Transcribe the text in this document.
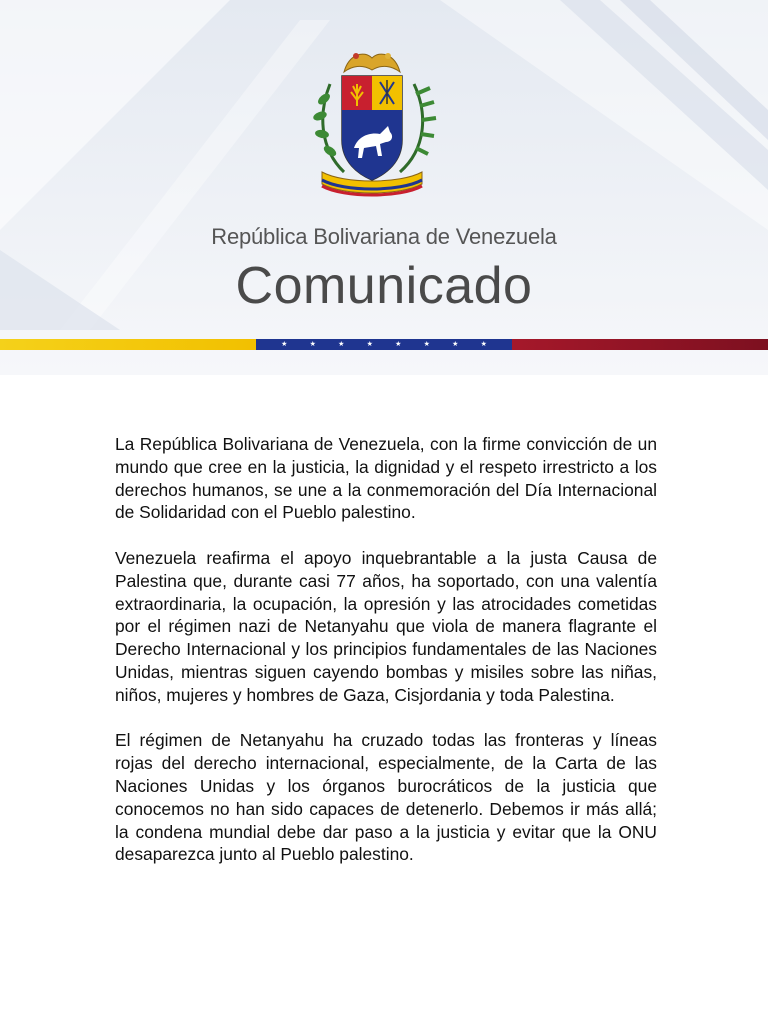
República Bolivariana de Venezuela
Comunicado
★	★	★	★	★	★	★	★

La República Bolivariana de Venezuela, con la firme convicción de un mundo que cree en la justicia, la dignidad y el respeto irrestricto a los derechos humanos, se une a la conmemoración del Día Internacional de Solidaridad con el Pueblo palestino.

Venezuela reafirma el apoyo inquebrantable a la justa Causa de Palestina que, durante casi 77 años, ha soportado, con una valentía extraordinaria, la ocupación, la opresión y las atrocidades cometidas por el régimen nazi de Netanyahu que viola de manera flagrante el Derecho Internacional y los principios fundamentales de las Naciones Unidas, mientras siguen cayendo bombas y misiles sobre las niñas, niños, mujeres y hombres de Gaza, Cisjordania y toda Palestina.

El régimen de Netanyahu ha cruzado todas las fronteras y líneas rojas del derecho internacional, especialmente, de la Carta de las Naciones Unidas y los órganos burocráticos de la justicia que conocemos no han sido capaces de detenerlo. Debemos ir más allá; la condena mundial debe dar paso a la justicia y evitar que la ONU desaparezca junto al Pueblo palestino.
